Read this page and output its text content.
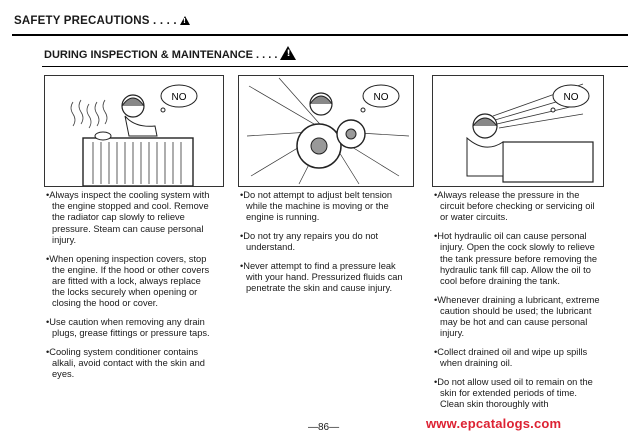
SAFETY PRECAUTIONS . . . .!
DURING INSPECTION & MAINTENANCE . . . .!
NO	NO	NO

•Always inspect the cooling system with the engine stopped and cool. Remove the radiator cap slowly to relieve pressure. Steam can cause personal injury.

•When opening inspection covers, stop the engine. If the hood or other covers are fitted with a lock, always replace the locks securely when opening or closing the hood or cover.

•Use caution when removing any drain plugs, grease fittings or pressure taps.

•Cooling system conditioner contains alkali, avoid contact with the skin and eyes.

•Do not attempt to adjust belt tension while the machine is moving or the engine is running.

•Do not try any repairs you do not understand.

•Never attempt to find a pressure leak with your hand. Pressurized fluids can penetrate the skin and cause injury.

•Always release the pressure in the circuit before checking or servicing oil or water circuits.

•Hot hydraulic oil can cause personal injury. Open the cock slowly to relieve the tank pressure before removing the hydraulic tank fill cap. Allow the oil to cool before draining the tank.

•Whenever draining a lubricant, extreme caution should be used; the lubricant may be hot and can cause personal injury.

•Collect drained oil and wipe up spills when draining oil.

•Do not allow used oil to remain on the skin for extended periods of time. Clean skin thoroughly with

—86—	www.epcatalogs.com
